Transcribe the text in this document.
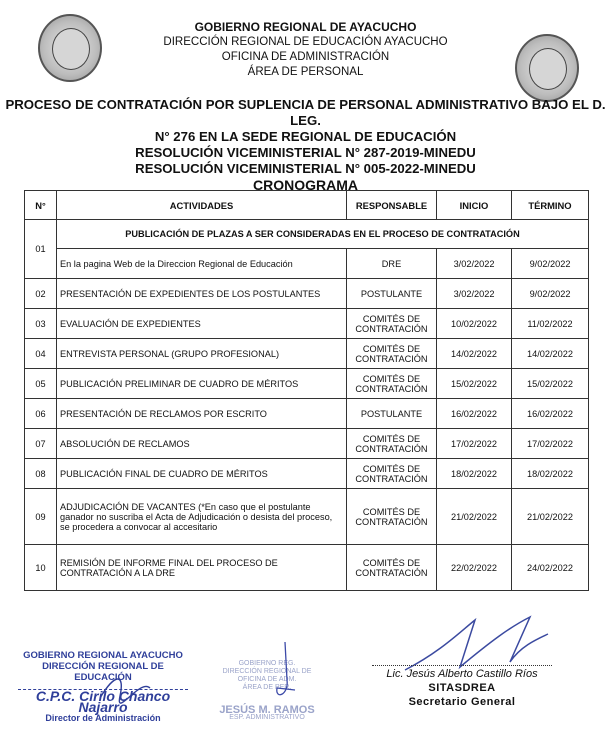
GOBIERNO REGIONAL DE AYACUCHO
DIRECCIÓN REGIONAL DE EDUCACIÓN AYACUCHO
OFICINA DE ADMINISTRACIÓN
ÁREA DE PERSONAL
PROCESO DE CONTRATACIÓN POR SUPLENCIA DE PERSONAL ADMINISTRATIVO BAJO EL D. LEG.
N° 276 EN LA SEDE REGIONAL DE EDUCACIÓN
RESOLUCIÓN VICEMINISTERIAL N° 287-2019-MINEDU
RESOLUCIÓN VICEMINISTERIAL N° 005-2022-MINEDU
CRONOGRAMA
N°	ACTIVIDADES	RESPONSABLE	INICIO	TÉRMINO
01	PUBLICACIÓN DE PLAZAS A SER CONSIDERADAS EN EL PROCESO DE CONTRATACIÓN			
	En la pagina Web de la Direccion Regional de Educación	DRE	3/02/2022	9/02/2022
02	PRESENTACIÓN DE EXPEDIENTES DE LOS POSTULANTES	POSTULANTE	3/02/2022	9/02/2022
03	EVALUACIÓN DE EXPEDIENTES	COMITÉS DE CONTRATACIÓN	10/02/2022	11/02/2022
04	ENTREVISTA PERSONAL (GRUPO PROFESIONAL)	COMITÉS DE CONTRATACIÓN	14/02/2022	14/02/2022
05	PUBLICACIÓN PRELIMINAR DE CUADRO DE MÉRITOS	COMITÉS DE CONTRATACIÓN	15/02/2022	15/02/2022
06	PRESENTACIÓN DE RECLAMOS POR ESCRITO	POSTULANTE	16/02/2022	16/02/2022
07	ABSOLUCIÓN DE RECLAMOS	COMITÉS DE CONTRATACIÓN	17/02/2022	17/02/2022
08	PUBLICACIÓN FINAL DE CUADRO DE MÉRITOS	COMITÉS DE CONTRATACIÓN	18/02/2022	18/02/2022
09	ADJUDICACIÓN DE VACANTES (*En caso que el postulante ganador no suscriba el Acta de Adjudicación o desista del proceso, se procedera a convocar al accesitario	COMITÉS DE CONTRATACIÓN	21/02/2022	21/02/2022
10	REMISIÓN DE INFORME FINAL DEL PROCESO DE CONTRATACIÓN A LA DRE	COMITÉS DE CONTRATACIÓN	22/02/2022	24/02/2022
GOBIERNO REGIONAL AYACUCHO
DIRECCIÓN REGIONAL DE EDUCACIÓN
C.P.C. Cirilo Chanco Najarro
Director de Administración
GOBIERNO REG.
DIRECCIÓN REGIONAL DE
OFICINA DE ADM.
ÁREA DE PER.
JESÚS M. RAMOS
ESP. ADMINISTRATIVO
Lic. Jesús Alberto Castillo Ríos
SITASDREA
Secretario General
